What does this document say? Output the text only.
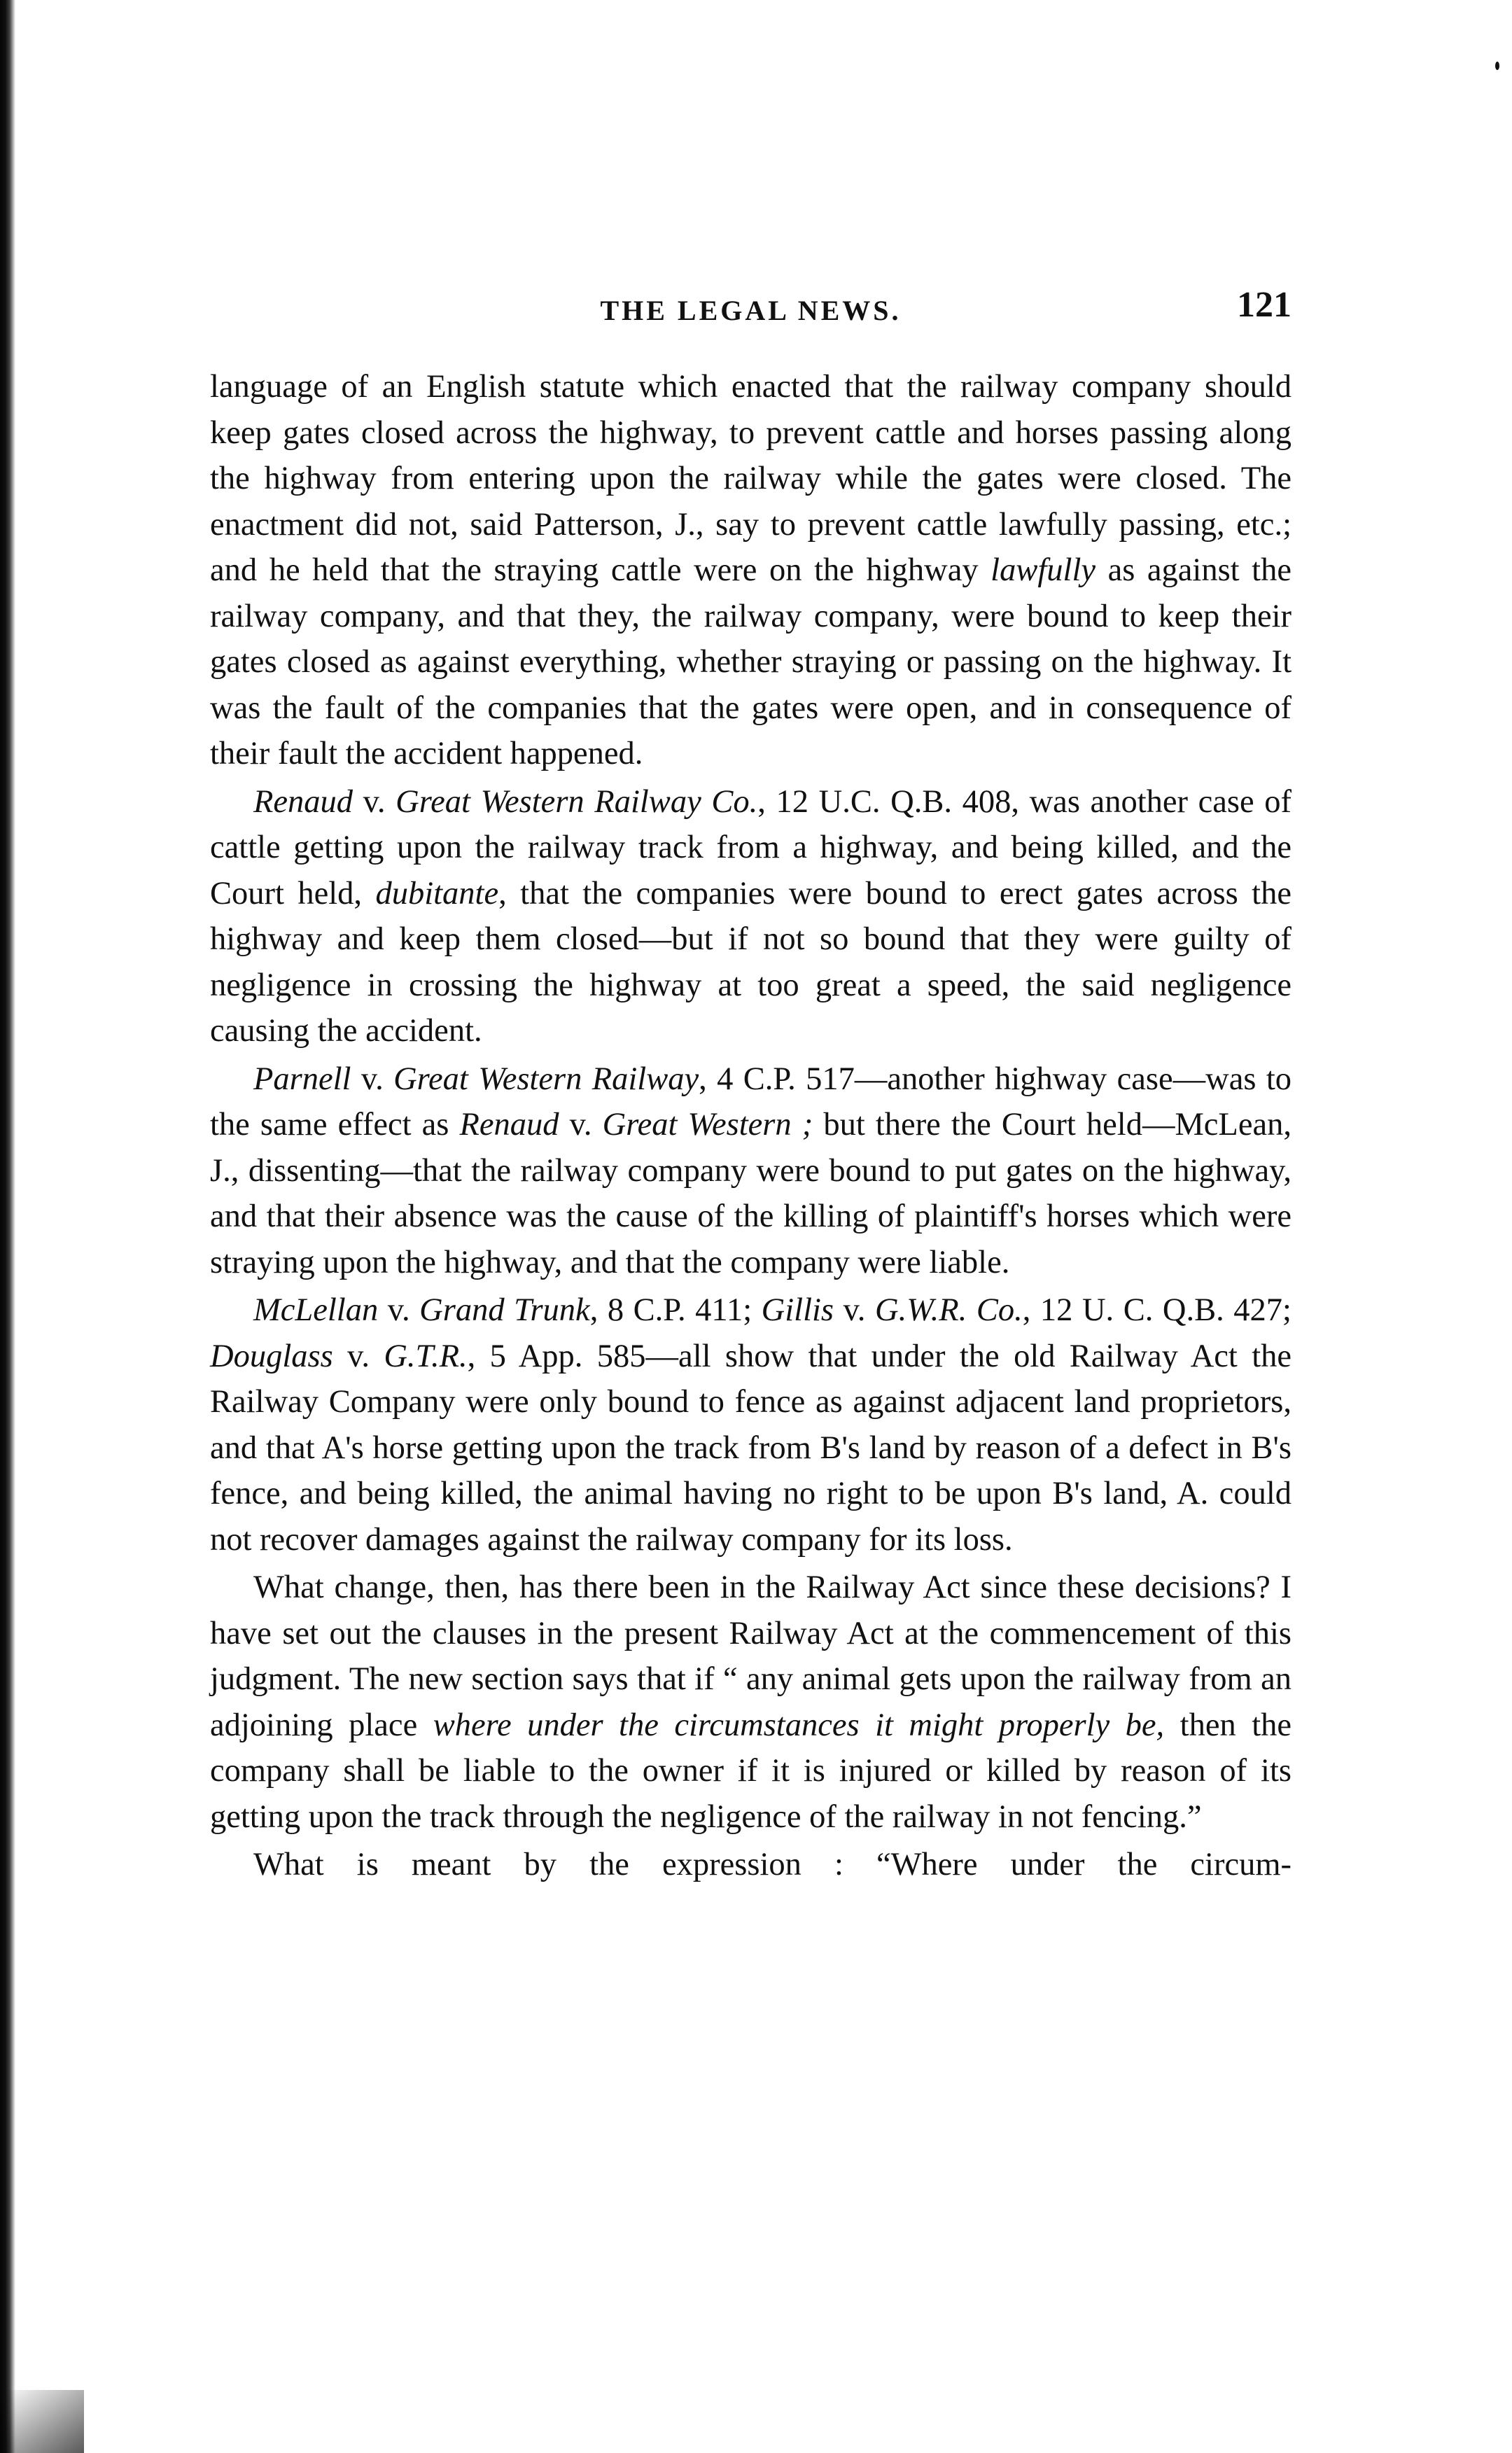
THE LEGAL NEWS.	121

language of an English statute which enacted that the railway company should keep gates closed across the highway, to prevent cattle and horses passing along the highway from entering upon the railway while the gates were closed. The enactment did not, said Patterson, J., say to prevent cattle lawfully passing, etc.; and he held that the straying cattle were on the highway lawfully as against the railway company, and that they, the railway company, were bound to keep their gates closed as against everything, whether straying or passing on the highway. It was the fault of the companies that the gates were open, and in consequence of their fault the accident happened.

Renaud v. Great Western Railway Co., 12 U.C. Q.B. 408, was another case of cattle getting upon the railway track from a highway, and being killed, and the Court held, dubitante, that the companies were bound to erect gates across the highway and keep them closed—but if not so bound that they were guilty of negligence in crossing the highway at too great a speed, the said negligence causing the accident.

Parnell v. Great Western Railway, 4 C.P. 517—another highway case—was to the same effect as Renaud v. Great Western ; but there the Court held—McLean, J., dissenting—that the railway company were bound to put gates on the highway, and that their absence was the cause of the killing of plaintiff's horses which were straying upon the highway, and that the company were liable.

McLellan v. Grand Trunk, 8 C.P. 411; Gillis v. G.W.R. Co., 12 U. C. Q.B. 427; Douglass v. G.T.R., 5 App. 585—all show that under the old Railway Act the Railway Company were only bound to fence as against adjacent land proprietors, and that A's horse getting upon the track from B's land by reason of a defect in B's fence, and being killed, the animal having no right to be upon B's land, A. could not recover damages against the railway company for its loss.

What change, then, has there been in the Railway Act since these decisions? I have set out the clauses in the present Railway Act at the commencement of this judgment. The new section says that if “ any animal gets upon the railway from an adjoining place where under the circumstances it might properly be, then the company shall be liable to the owner if it is injured or killed by reason of its getting upon the track through the negligence of the railway in not fencing.”

What is meant by the expression : “Where under the circum-
